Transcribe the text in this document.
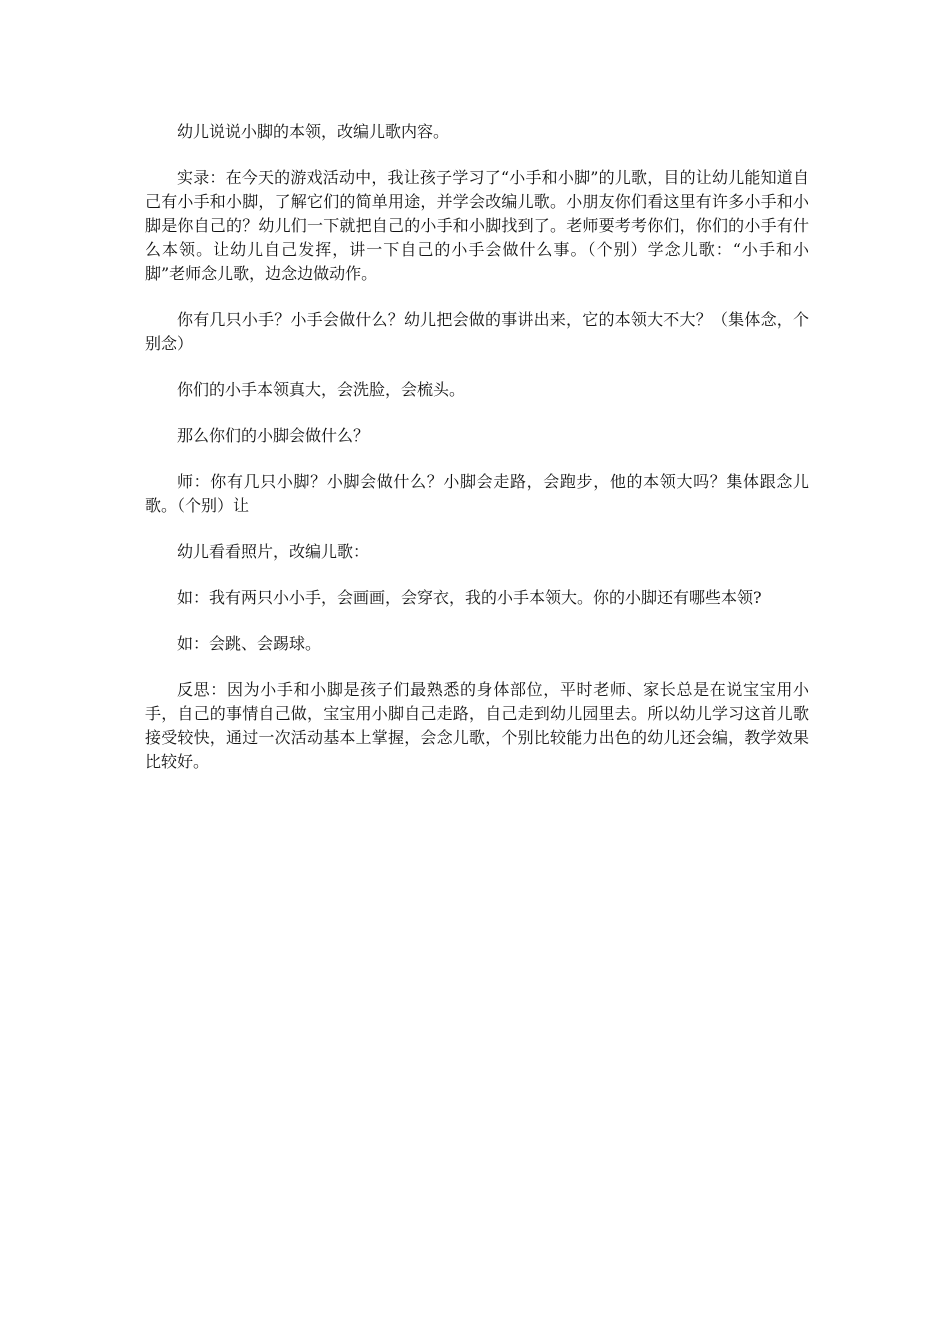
幼儿说说小脚的本领，改编儿歌内容。

实录：在今天的游戏活动中，我让孩子学习了“小手和小脚”的儿歌，目的让幼儿能知道自己有小手和小脚，了解它们的简单用途，并学会改编儿歌。小朋友你们看这里有许多小手和小脚是你自己的？幼儿们一下就把自己的小手和小脚找到了。老师要考考你们，你们的小手有什么本领。让幼儿自己发挥，讲一下自己的小手会做什么事。（个别）学念儿歌：“小手和小脚”老师念儿歌，边念边做动作。

你有几只小手？小手会做什么？幼儿把会做的事讲出来，它的本领大不大？（集体念，个别念）

你们的小手本领真大，会洗脸，会梳头。

那么你们的小脚会做什么？

师：你有几只小脚？小脚会做什么？小脚会走路，会跑步，他的本领大吗？集体跟念儿歌。（个别）让

幼儿看看照片，改编儿歌：

如：我有两只小小手，会画画，会穿衣，我的小手本领大。你的小脚还有哪些本领?

如：会跳、会踢球。

反思：因为小手和小脚是孩子们最熟悉的身体部位，平时老师、家长总是在说宝宝用小手，自己的事情自己做，宝宝用小脚自己走路，自己走到幼儿园里去。所以幼儿学习这首儿歌接受较快，通过一次活动基本上掌握，会念儿歌，个别比较能力出色的幼儿还会编，教学效果比较好。
